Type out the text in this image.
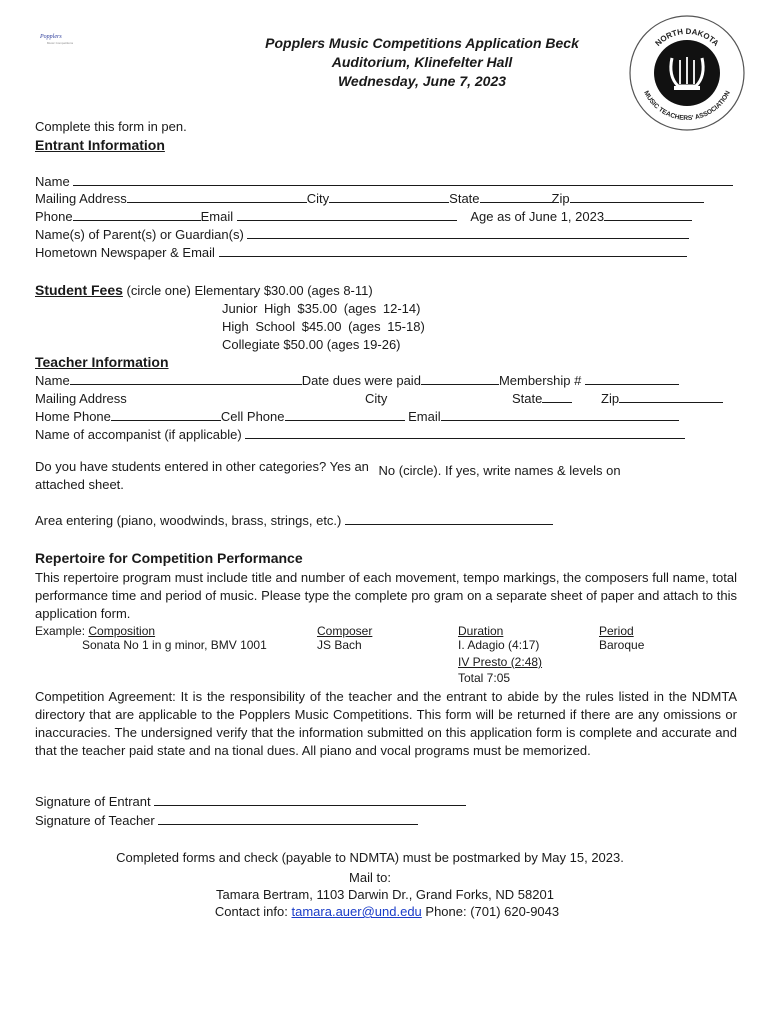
Popplers
Music Competitions	Popplers Music Competitions Application Beck
Auditorium, Klinefelter Hall
Wednesday, June 7, 2023
NORTH DAKOTA
MUSIC TEACHERS' ASSOCIATION
Complete this form in pen.
Entrant Information
Name
Mailing Address	City	State	Zip
Phone	Email	Age as of June 1, 2023
Name(s) of Parent(s) or Guardian(s)
Hometown Newspaper & Email
Student Fees (circle one) Elementary $30.00 (ages 8-11)
Junior High $35.00 (ages 12-14)
High School $45.00 (ages 15-18)
Collegiate $50.00 (ages 19-26)
Teacher Information
Name	Date dues were paid	Membership #
Mailing Address	City	State	Zip
Home Phone	Cell Phone	Email
Name of accompanist (if applicable)
Do you have students entered in other categories? Yes an No (circle). If yes, write names & levels on
attached sheet.
Area entering (piano, woodwinds, brass, strings, etc.)
Repertoire for Competition Performance
This repertoire program must include title and number of each movement, tempo markings, the composers full name, total performance time and period of music. Please type the complete pro gram on a separate sheet of paper and attach to this application form.
Example: Composition	Composer	Duration	Period
Sonata No 1 in g minor, BMV 1001	JS Bach	I. Adagio (4:17)	Baroque
IV Presto (2:48)
Total 7:05
Competition Agreement: It is the responsibility of the teacher and the entrant to abide by the rules listed in the NDMTA directory that are applicable to the Popplers Music Competitions. This form will be returned if there are any omissions or inaccuracies. The undersigned verify that the information submitted on this application form is complete and accurate and that the teacher paid state and na tional dues. All piano and vocal programs must be memorized.
Signature of Entrant
Signature of Teacher
Completed forms and check (payable to NDMTA) must be postmarked by May 15, 2023.
Mail to:
Tamara Bertram, 1103 Darwin Dr., Grand Forks, ND 58201
Contact info: tamara.auer@und.edu Phone: (701) 620-9043
